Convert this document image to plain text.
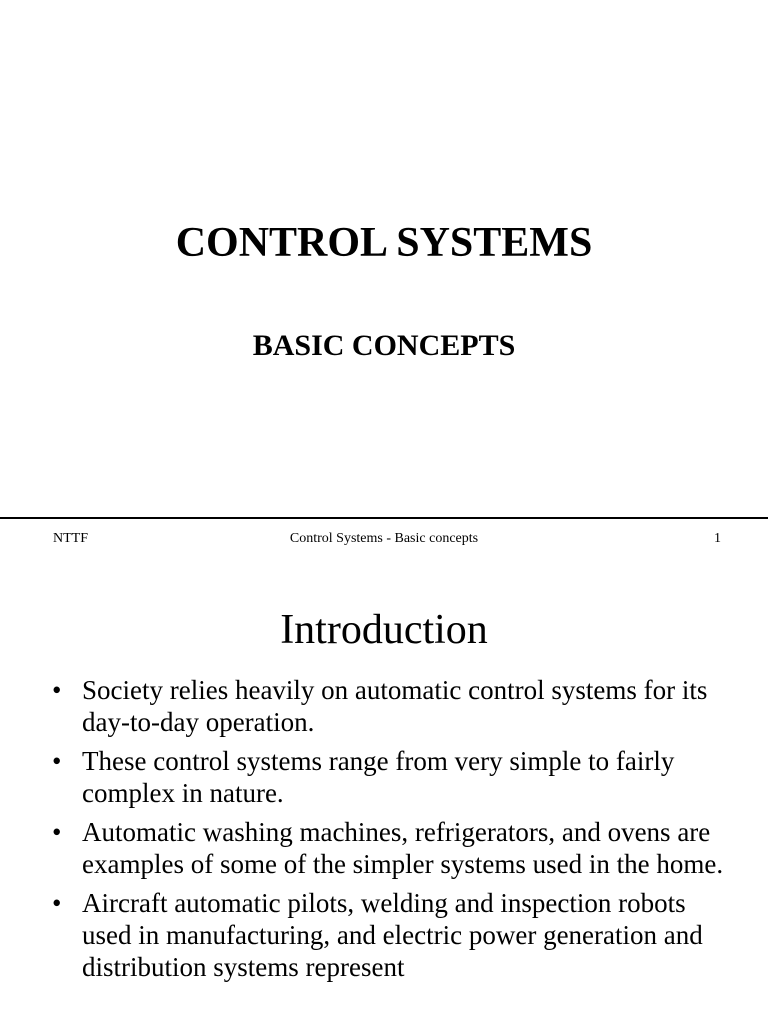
CONTROL SYSTEMS
BASIC CONCEPTS
NTTF	Control Systems - Basic concepts	1
Introduction
• Society relies heavily on automatic control systems for its day-to-day operation.
• These control systems range from very simple to fairly complex in nature.
• Automatic washing machines, refrigerators, and ovens are examples of some of the simpler systems used in the home.
• Aircraft automatic pilots, welding and inspection robots used in manufacturing, and electric power generation and distribution systems represent
